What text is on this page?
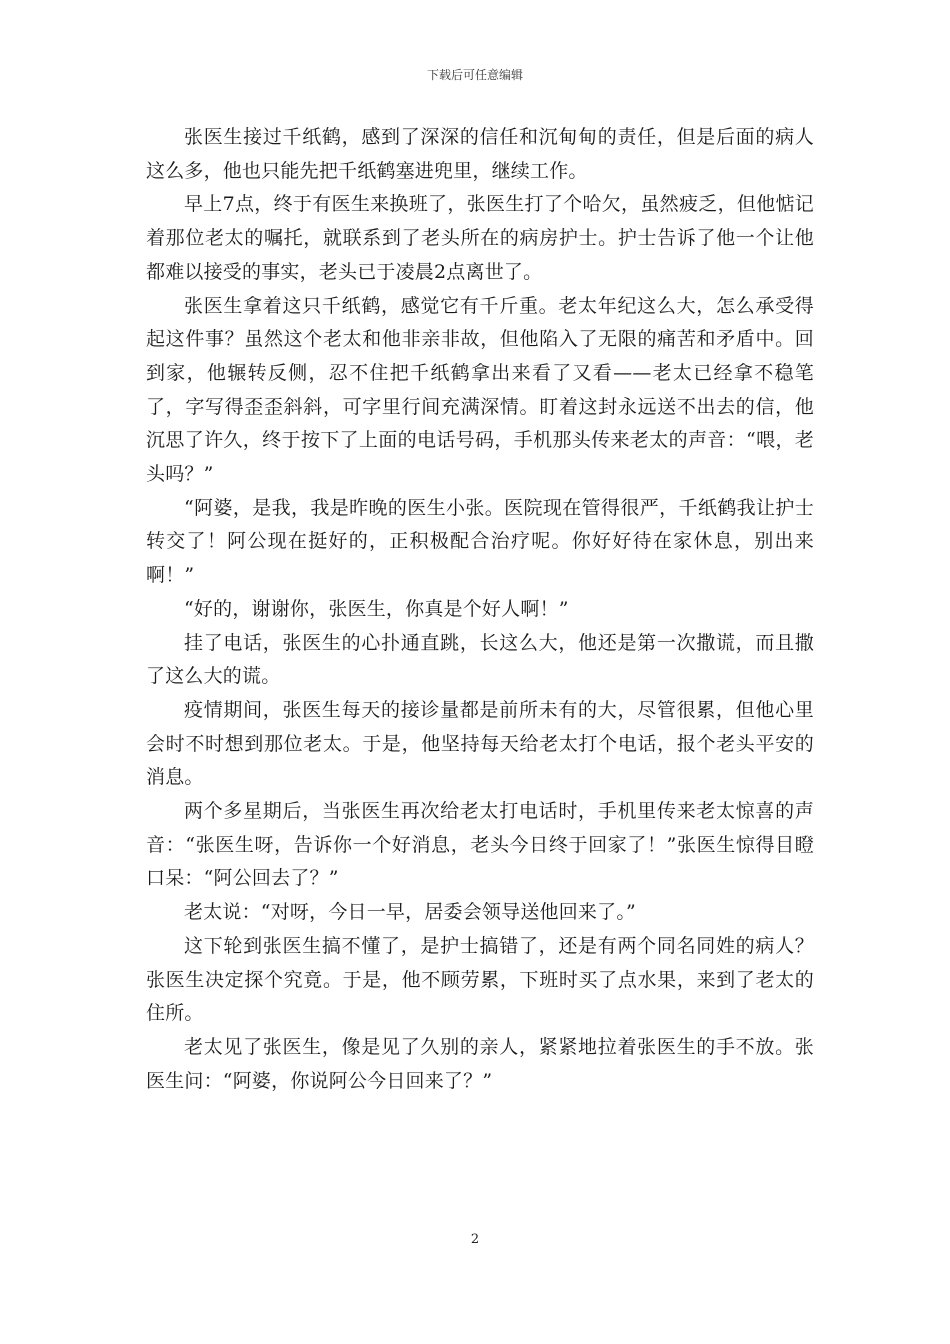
下载后可任意编辑

张医生接过千纸鹤，感到了深深的信任和沉甸甸的责任，但是后面的病人这么多，他也只能先把千纸鹤塞进兜里，继续工作。

早上7点，终于有医生来换班了，张医生打了个哈欠，虽然疲乏，但他惦记着那位老太的嘱托，就联系到了老头所在的病房护士。护士告诉了他一个让他都难以接受的事实，老头已于凌晨2点离世了。

张医生拿着这只千纸鹤，感觉它有千斤重。老太年纪这么大，怎么承受得起这件事？虽然这个老太和他非亲非故，但他陷入了无限的痛苦和矛盾中。回到家，他辗转反侧，忍不住把千纸鹤拿出来看了又看——老太已经拿不稳笔了，字写得歪歪斜斜，可字里行间充满深情。盯着这封永远送不出去的信，他沉思了许久，终于按下了上面的电话号码，手机那头传来老太的声音：“喂，老头吗？”

“阿婆，是我，我是昨晚的医生小张。医院现在管得很严，千纸鹤我让护士转交了！阿公现在挺好的，正积极配合治疗呢。你好好待在家休息，别出来啊！”

“好的，谢谢你，张医生，你真是个好人啊！”

挂了电话，张医生的心扑通直跳，长这么大，他还是第一次撒谎，而且撒了这么大的谎。

疫情期间，张医生每天的接诊量都是前所未有的大，尽管很累，但他心里会时不时想到那位老太。于是，他坚持每天给老太打个电话，报个老头平安的消息。

两个多星期后，当张医生再次给老太打电话时，手机里传来老太惊喜的声音：“张医生呀，告诉你一个好消息，老头今日终于回家了！”张医生惊得目瞪口呆：“阿公回去了？”

老太说：“对呀，今日一早，居委会领导送他回来了。”

这下轮到张医生搞不懂了，是护士搞错了，还是有两个同名同姓的病人？张医生决定探个究竟。于是，他不顾劳累，下班时买了点水果，来到了老太的住所。

老太见了张医生，像是见了久别的亲人，紧紧地拉着张医生的手不放。张医生问：“阿婆，你说阿公今日回来了？”

2
